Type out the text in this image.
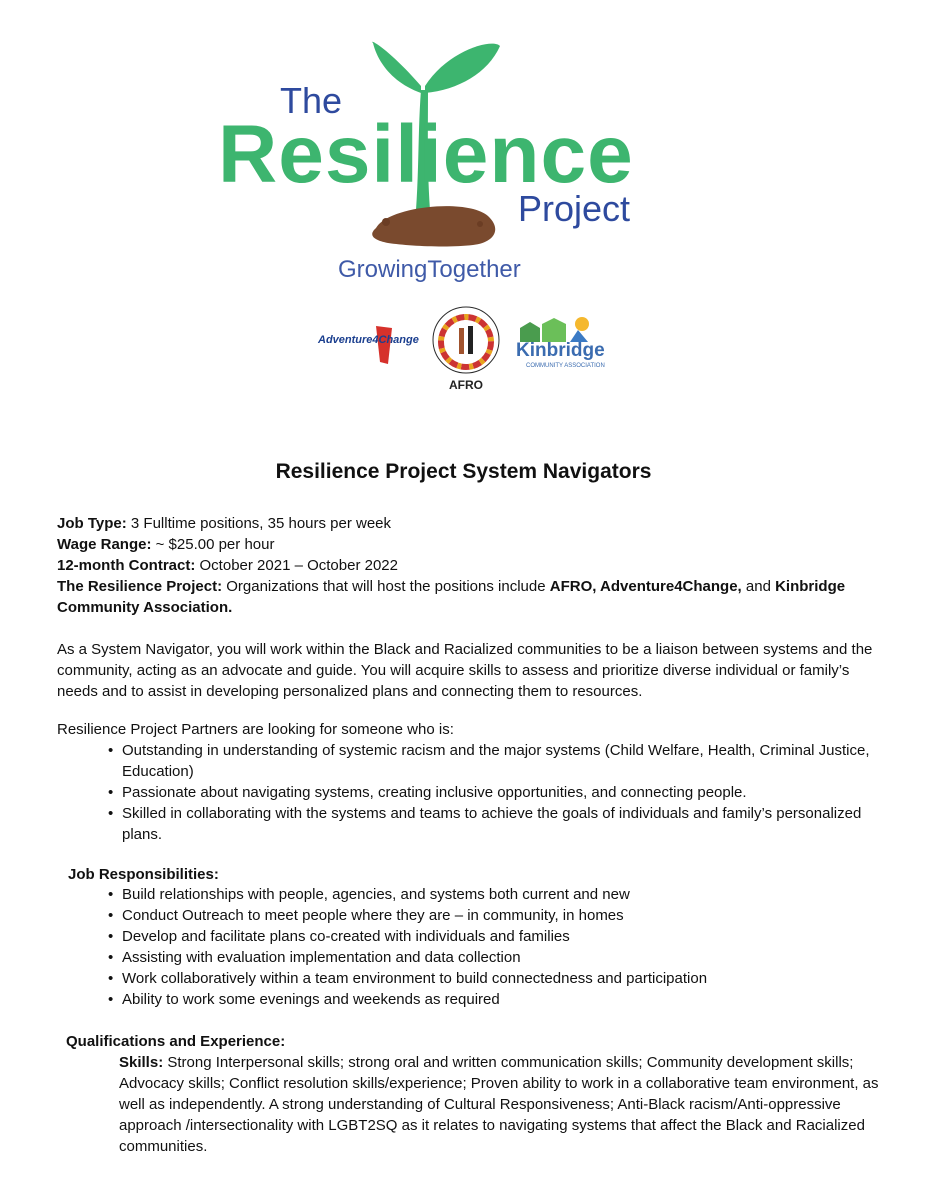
The
Resilience
Project
GrowingTogether
Adventure4Change
AFRO
Kinbridge
COMMUNITY ASSOCIATION
Resilience Project System Navigators
Job Type: 3 Fulltime positions, 35 hours per week
Wage Range: ~ $25.00 per hour
12-month Contract: October 2021 – October 2022
The Resilience Project: Organizations that will host the positions include AFRO, Adventure4Change, and Kinbridge
Community Association.
As a System Navigator, you will work within the Black and Racialized communities to be a liaison between systems and the community, acting as an advocate and guide. You will acquire skills to assess and prioritize diverse individual or family’s needs and to assist in developing personalized plans and connecting them to resources.
Resilience Project Partners are looking for someone who is:
• Outstanding in understanding of systemic racism and the major systems (Child Welfare, Health, Criminal Justice, Education)
• Passionate about navigating systems, creating inclusive opportunities, and connecting people.
• Skilled in collaborating with the systems and teams to achieve the goals of individuals and family’s personalized plans.
Job Responsibilities:
• Build relationships with people, agencies, and systems both current and new
• Conduct Outreach to meet people where they are – in community, in homes
• Develop and facilitate plans co-created with individuals and families
• Assisting with evaluation implementation and data collection
• Work collaboratively within a team environment to build connectedness and participation
• Ability to work some evenings and weekends as required
Qualifications and Experience:
Skills: Strong Interpersonal skills; strong oral and written communication skills; Community development skills; Advocacy skills; Conflict resolution skills/experience; Proven ability to work in a collaborative team environment, as well as independently. A strong understanding of Cultural Responsiveness; Anti-Black racism/Anti-oppressive approach /intersectionality with LGBT2SQ as it relates to navigating systems that affect the Black and Racialized communities.
